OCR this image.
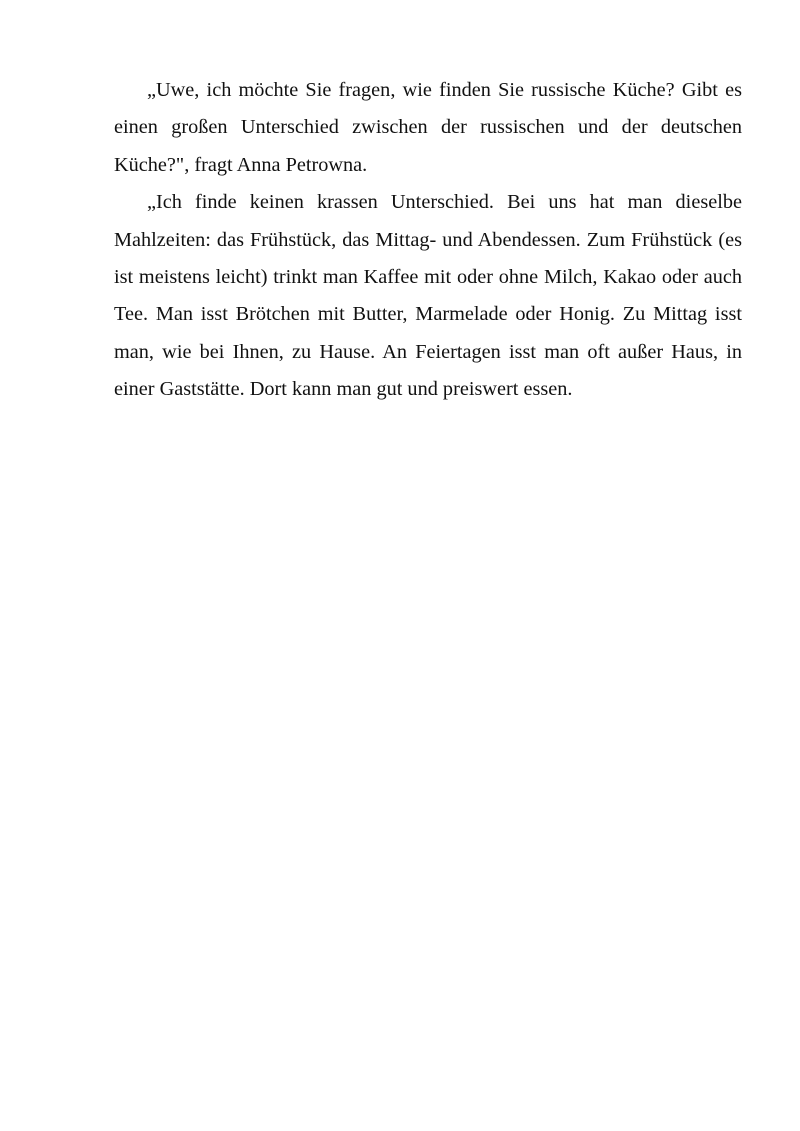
„Uwe, ich möchte Sie fragen, wie finden Sie russische Küche? Gibt es einen großen Unterschied zwischen der russischen und der deutschen Küche?", fragt Anna Petrowna.

„Ich finde keinen krassen Unterschied. Bei uns hat man dieselbe Mahlzeiten: das Frühstück, das Mittag- und Abendessen. Zum Frühstück (es ist meistens leicht) trinkt man Kaffee mit oder ohne Milch, Kakao oder auch Tee. Man isst Brötchen mit Butter, Marmelade oder Honig. Zu Mittag isst man, wie bei Ihnen, zu Hause. An Feiertagen isst man oft außer Haus, in einer Gaststätte. Dort kann man gut und preiswert essen.
